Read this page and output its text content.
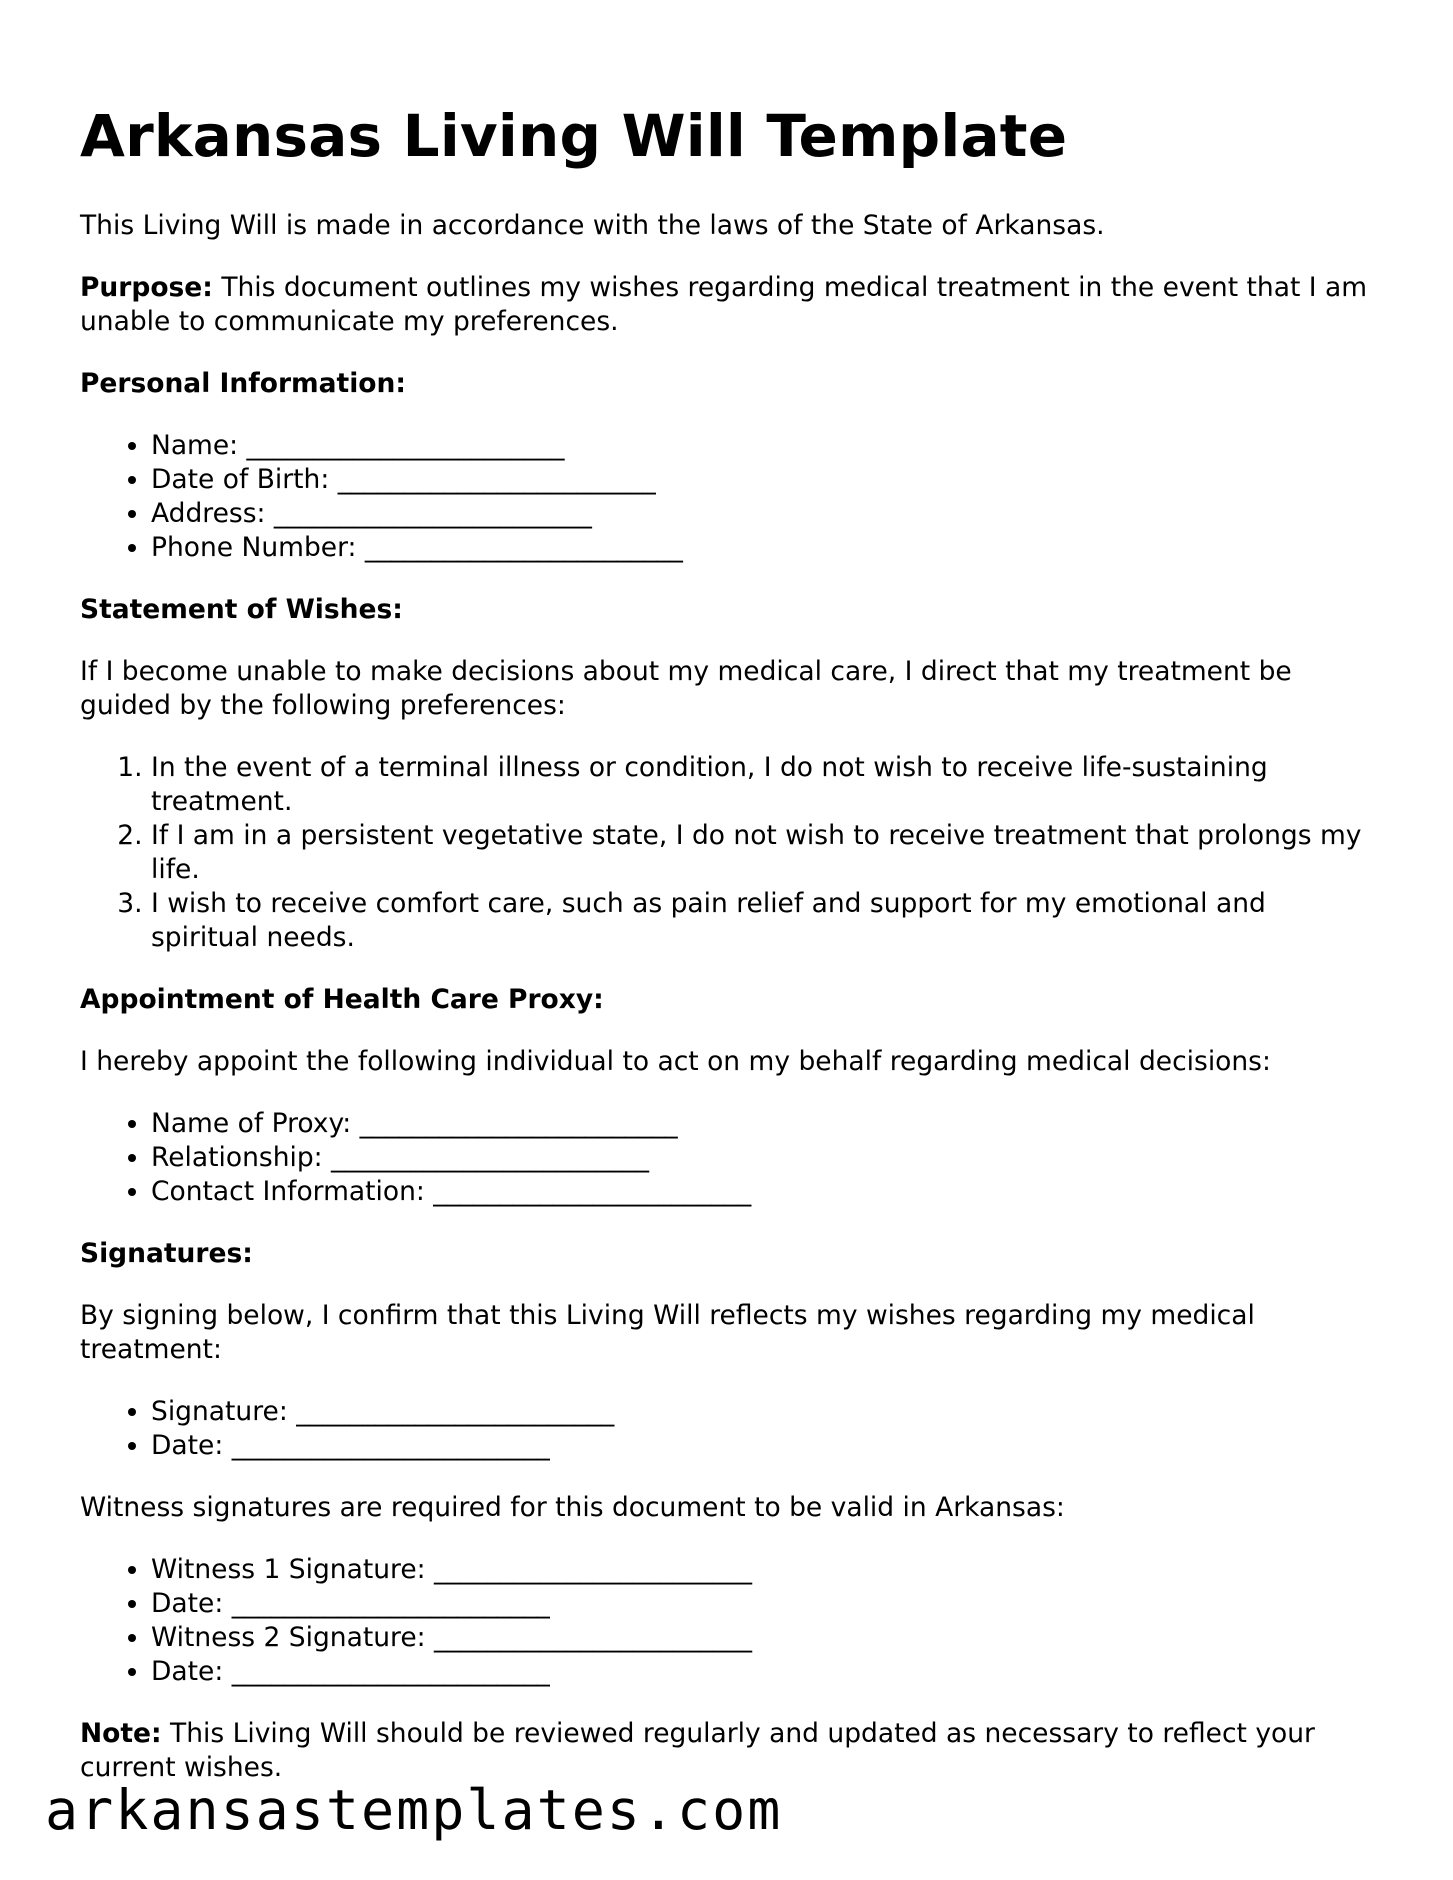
Arkansas Living Will Template

This Living Will is made in accordance with the laws of the State of Arkansas.

Purpose: This document outlines my wishes regarding medical treatment in the event that I am unable to communicate my preferences.

Personal Information:
• Name: ________________________
• Date of Birth: ________________________
• Address: ________________________
• Phone Number: ________________________
Statement of Wishes:

If I become unable to make decisions about my medical care, I direct that my treatment be guided by the following preferences:

1. In the event of a terminal illness or condition, I do not wish to receive life-sustaining treatment.
2. If I am in a persistent vegetative state, I do not wish to receive treatment that prolongs my life.
3. I wish to receive comfort care, such as pain relief and support for my emotional and spiritual needs.
Appointment of Health Care Proxy:

I hereby appoint the following individual to act on my behalf regarding medical decisions:

• Name of Proxy: ________________________
• Relationship: ________________________
• Contact Information: ________________________
Signatures:

By signing below, I confirm that this Living Will reflects my wishes regarding my medical treatment:

• Signature: ________________________
• Date: ________________________

Witness signatures are required for this document to be valid in Arkansas:

• Witness 1 Signature: ________________________
• Date: ________________________
• Witness 2 Signature: ________________________
• Date: ________________________

Note: This Living Will should be reviewed regularly and updated as necessary to reflect your current wishes.

arkansastemplates.com
